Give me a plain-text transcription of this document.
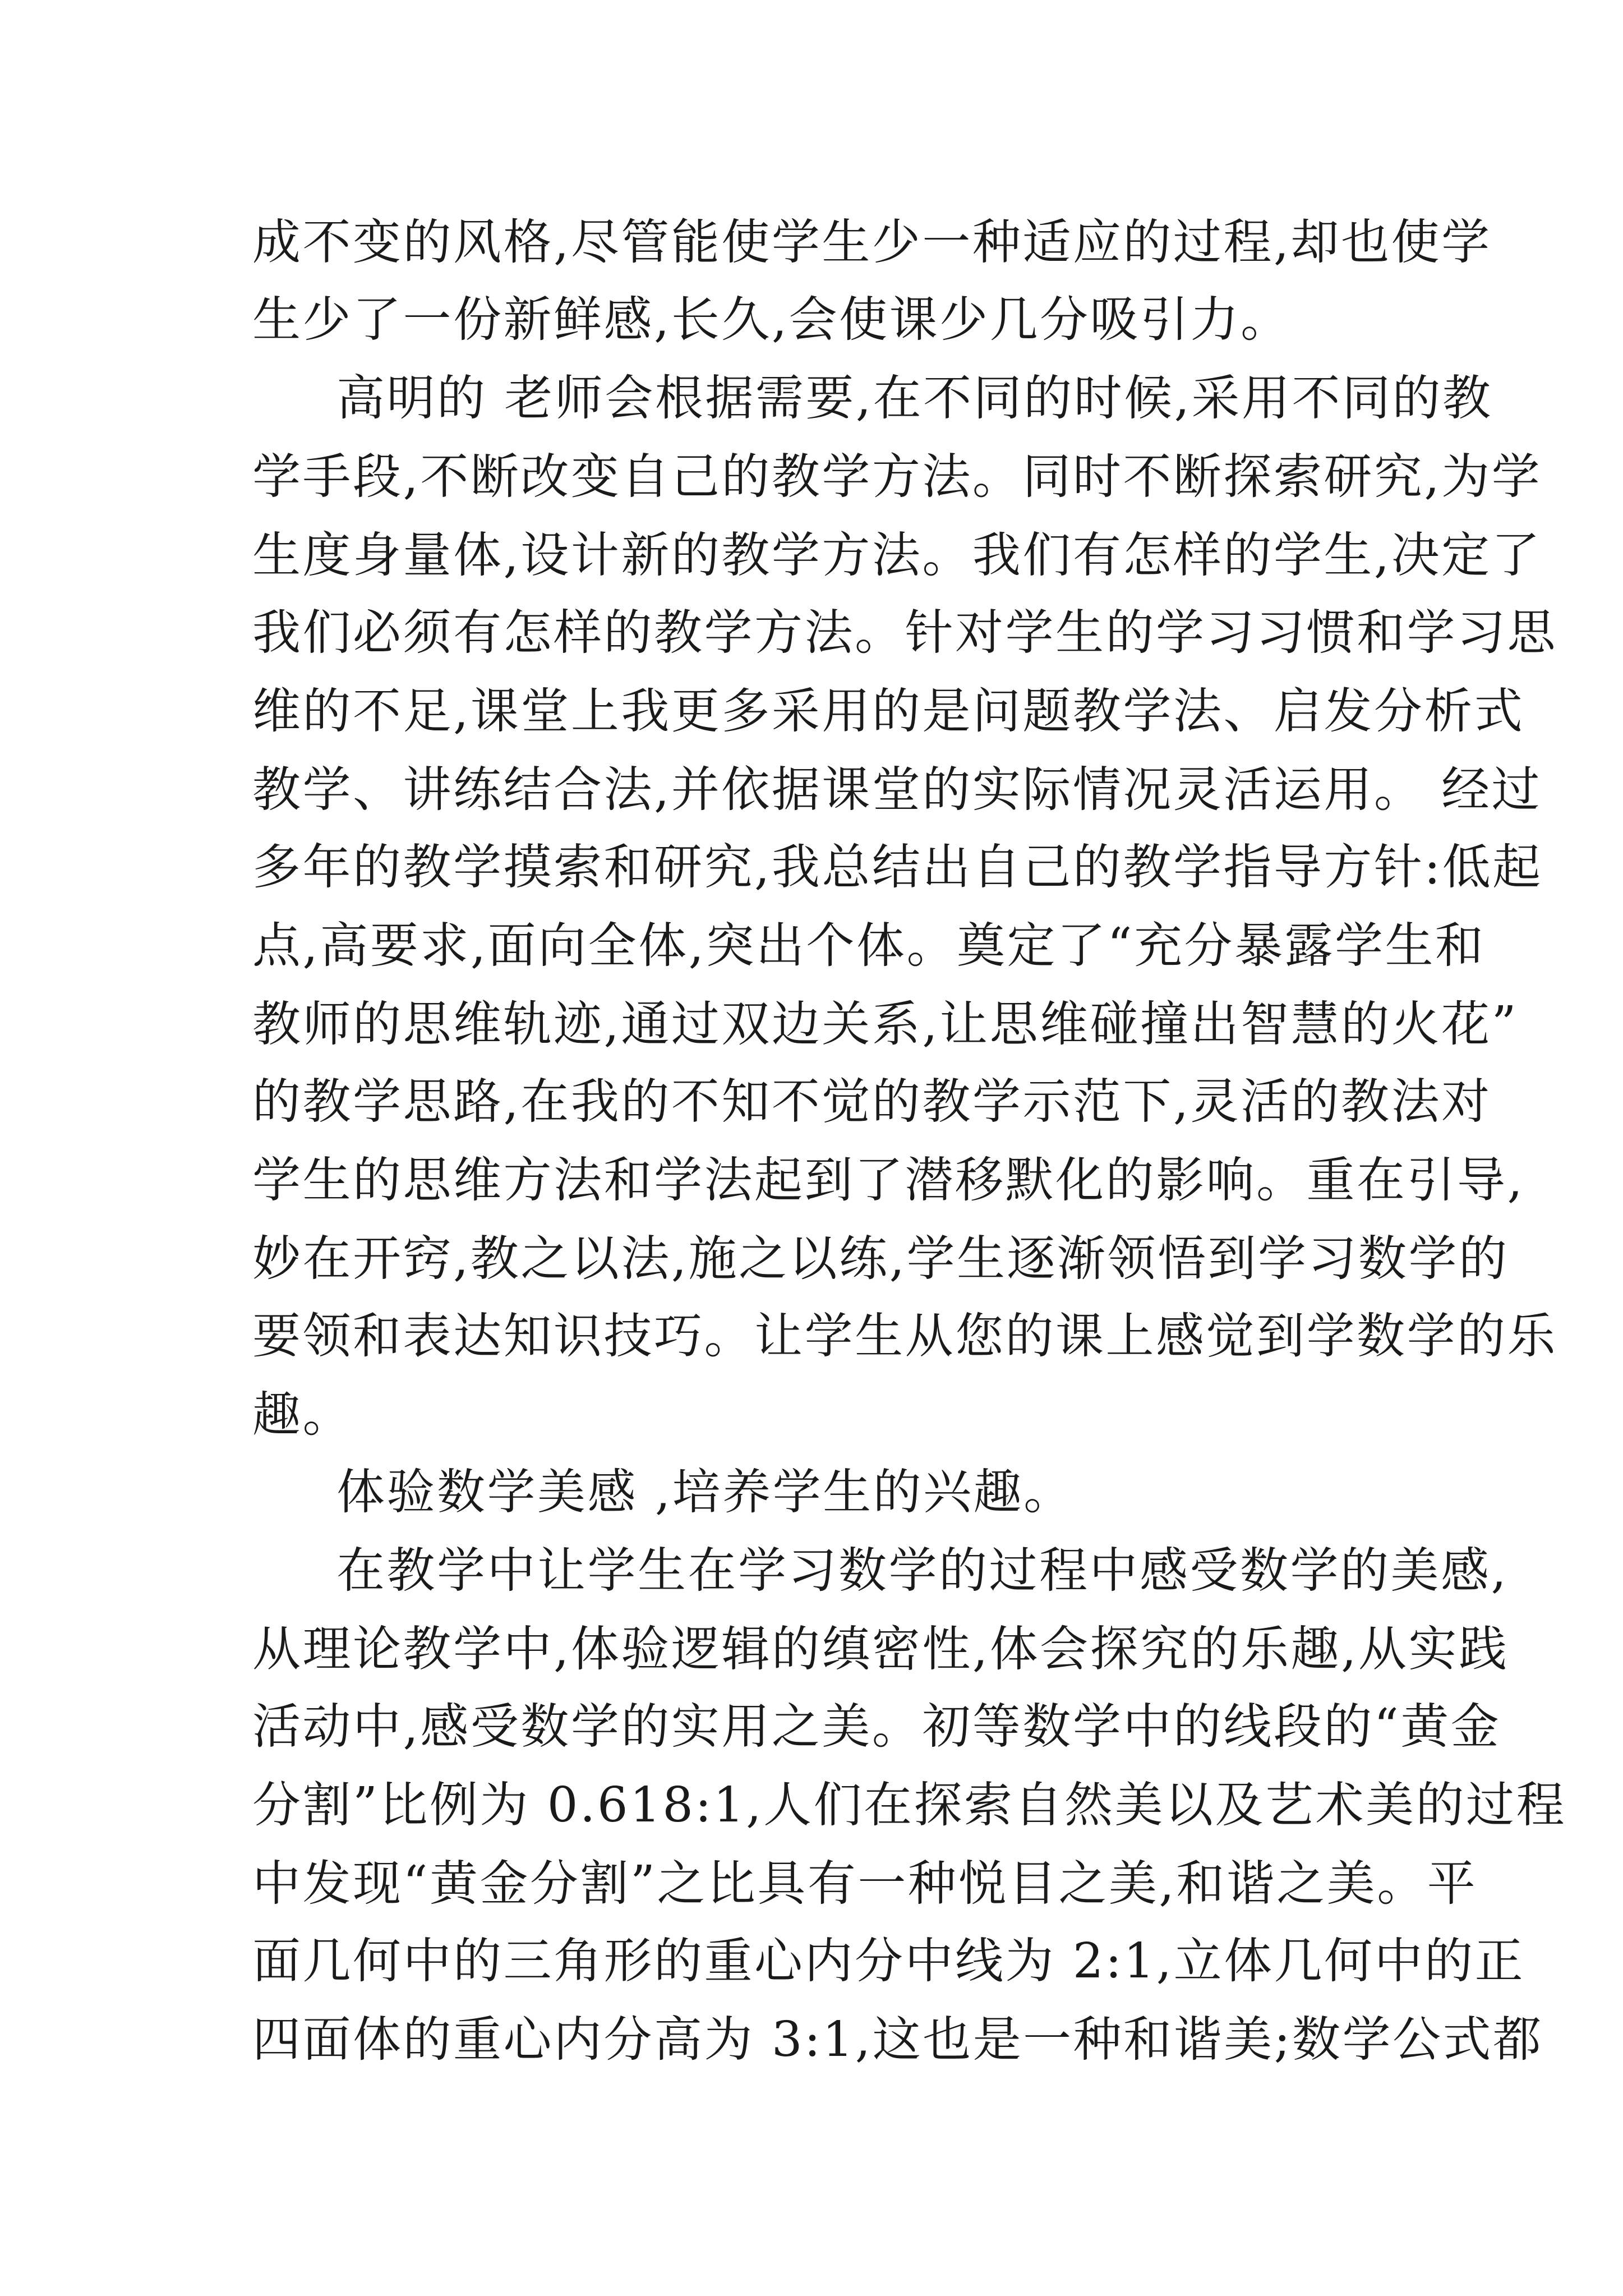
成不变的风格,尽管能使学生少一种适应的过程,却也使学
生少了一份新鲜感,长久,会使课少几分吸引力。
高明的 老师会根据需要,在不同的时候,采用不同的教
学手段,不断改变自己的教学方法。同时不断探索研究,为学
生度身量体,设计新的教学方法。我们有怎样的学生,决定了
我们必须有怎样的教学方法。针对学生的学习习惯和学习思
维的不足,课堂上我更多采用的是问题教学法、启发分析式
教学、讲练结合法,并依据课堂的实际情况灵活运用。 经过
多年的教学摸索和研究,我总结出自己的教学指导方针:低起
点,高要求,面向全体,突出个体。奠定了“充分暴露学生和
教师的思维轨迹,通过双边关系,让思维碰撞出智慧的火花”
的教学思路,在我的不知不觉的教学示范下,灵活的教法对
学生的思维方法和学法起到了潜移默化的影响。重在引导,
妙在开窍,教之以法,施之以练,学生逐渐领悟到学习数学的
要领和表达知识技巧。让学生从您的课上感觉到学数学的乐
趣。
体验数学美感 ,培养学生的兴趣。
在教学中让学生在学习数学的过程中感受数学的美感,
从理论教学中,体验逻辑的缜密性,体会探究的乐趣,从实践
活动中,感受数学的实用之美。初等数学中的线段的“黄金
分割”比例为 0.618:1,人们在探索自然美以及艺术美的过程
中发现“黄金分割”之比具有一种悦目之美,和谐之美。平
面几何中的三角形的重心内分中线为 2:1,立体几何中的正
四面体的重心内分高为 3:1,这也是一种和谐美;数学公式都
